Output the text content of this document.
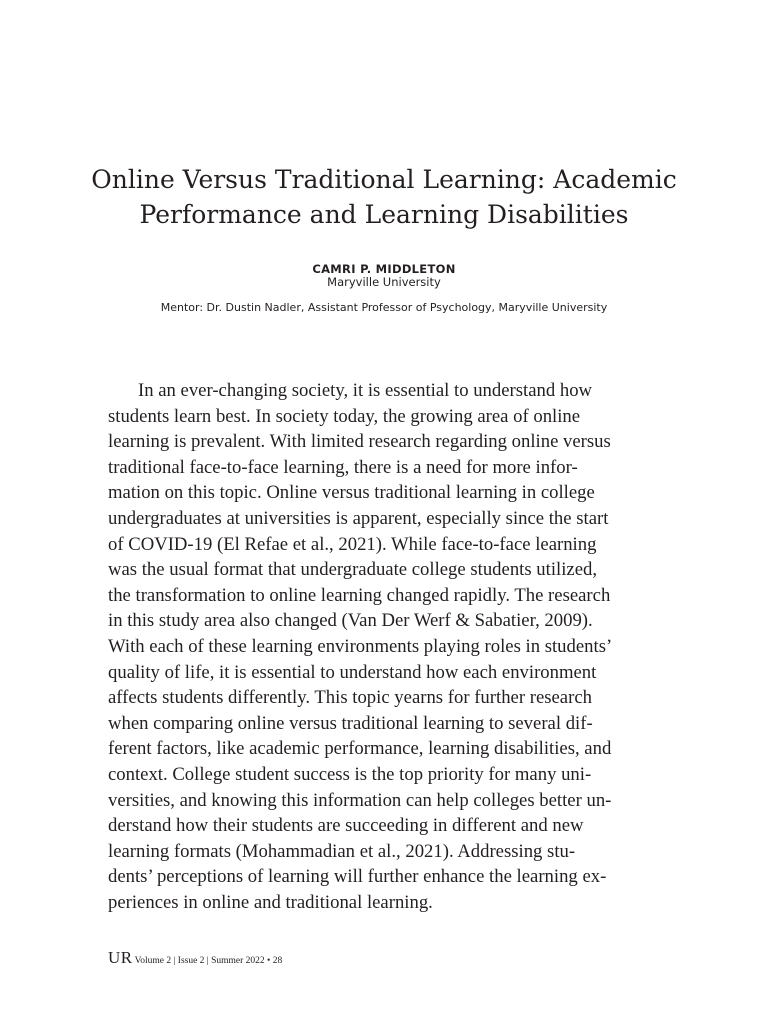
Online Versus Traditional Learning: Academic
Performance and Learning Disabilities
CAMRI P. MIDDLETON
Maryville University
Mentor: Dr. Dustin Nadler, Assistant Professor of Psychology, Maryville University
In an ever-changing society, it is essential to understand how
students learn best. In society today, the growing area of online
learning is prevalent. With limited research regarding online versus
traditional face-to-face learning, there is a need for more infor-
mation on this topic. Online versus traditional learning in college
undergraduates at universities is apparent, especially since the start
of COVID-19 (El Refae et al., 2021). While face-to-face learning
was the usual format that undergraduate college students utilized,
the transformation to online learning changed rapidly. The research
in this study area also changed (Van Der Werf & Sabatier, 2009).
With each of these learning environments playing roles in students’
quality of life, it is essential to understand how each environment
affects students differently. This topic yearns for further research
when comparing online versus traditional learning to several dif-
ferent factors, like academic performance, learning disabilities, and
context. College student success is the top priority for many uni-
versities, and knowing this information can help colleges better un-
derstand how their students are succeeding in different and new
learning formats (Mohammadian et al., 2021). Addressing stu-
dents’ perceptions of learning will further enhance the learning ex-
periences in online and traditional learning.
UR Volume 2 | Issue 2 | Summer 2022 • 28
